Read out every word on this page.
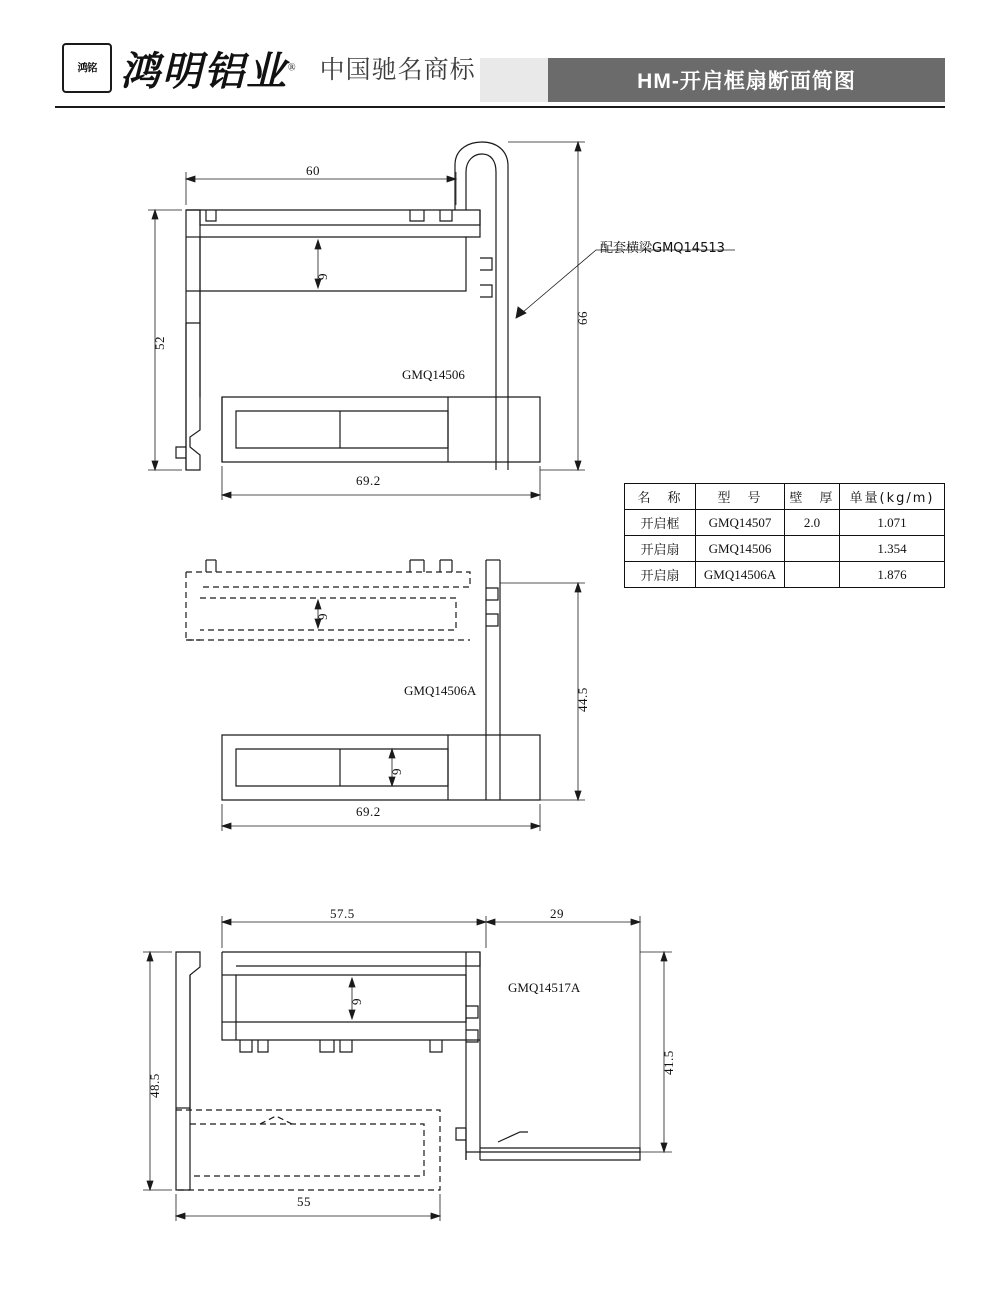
鸿铭 鸿明铝业® 中国驰名商标	HM-开启框扇断面简图
60
9
52
66
69.2
GMQ14506
配套横梁GMQ14513
9
9
44.5
69.2
GMQ14506A
57.5	29
9
48.5
41.5
55
GMQ14517A
名　称	型　号	壁　厚	单量(kg/m)
开启框	GMQ14507	2.0	1.071
开启扇	GMQ14506		1.354
开启扇	GMQ14506A		1.876
